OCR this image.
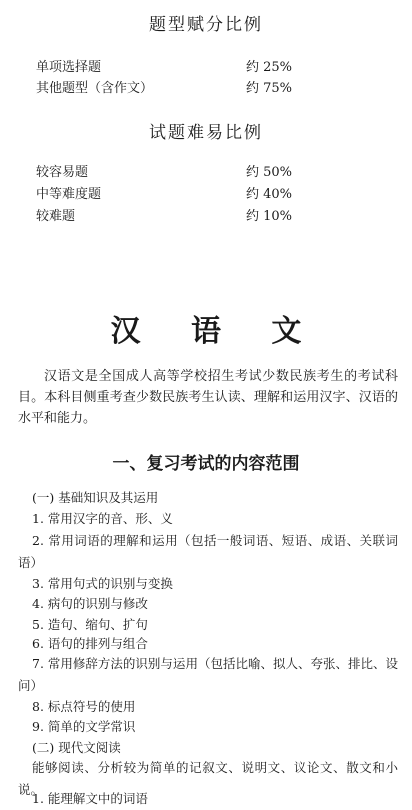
题型赋分比例
单项选择题	约 25%
其他题型（含作文）	约 75%
试题难易比例
较容易题	约 50%
中等难度题	约 40%
较难题	约 10%
汉 语 文
汉语文是全国成人高等学校招生考试少数民族考生的考试科目。本科目侧重考查少数民族考生认读、理解和运用汉字、汉语的水平和能力。
一、复习考试的内容范围
(一) 基础知识及其运用
1. 常用汉字的音、形、义
2. 常用词语的理解和运用（包括一般词语、短语、成语、关联词语）
3. 常用句式的识别与变换
4. 病句的识别与修改
5. 造句、缩句、扩句
6. 语句的排列与组合
7. 常用修辞方法的识别与运用（包括比喻、拟人、夸张、排比、设问）
8. 标点符号的使用
9. 简单的文学常识
(二) 现代文阅读
能够阅读、分析较为简单的记叙文、说明文、议论文、散文和小说。
1. 能理解文中的词语
